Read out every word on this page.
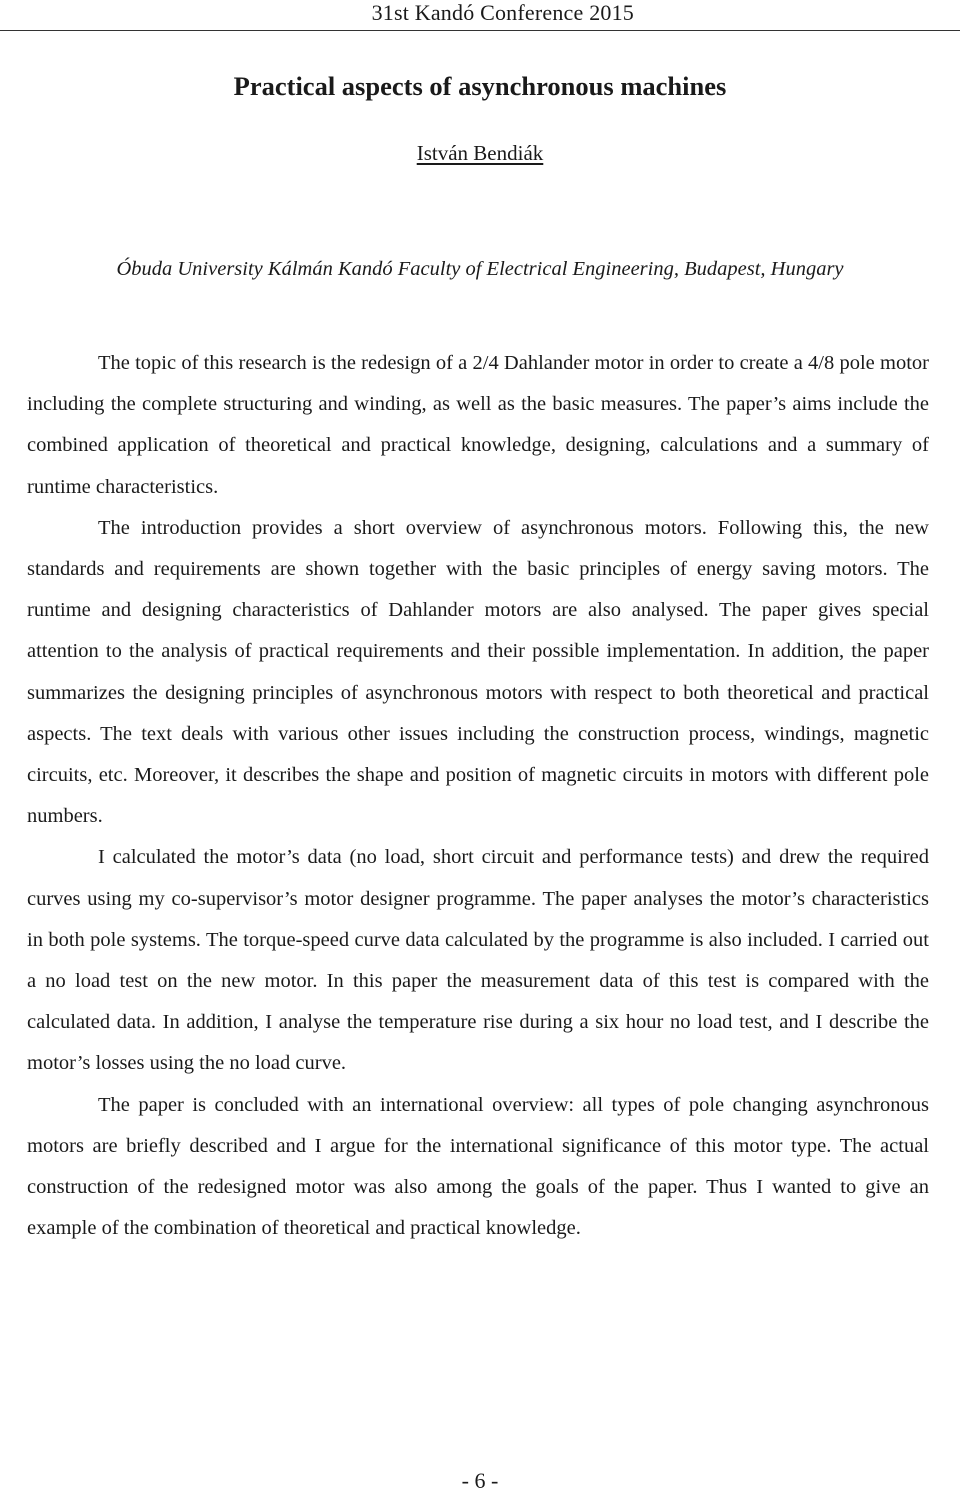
31st Kandó Conference 2015
Practical aspects of asynchronous machines
István Bendiák
Óbuda University Kálmán Kandó Faculty of Electrical Engineering, Budapest, Hungary

The topic of this research is the redesign of a 2/4 Dahlander motor in order to create a 4/8 pole motor including the complete structuring and winding, as well as the basic measures. The paper’s aims include the combined application of theoretical and practical knowledge, designing, calculations and a summary of runtime characteristics.

The introduction provides a short overview of asynchronous motors. Following this, the new standards and requirements are shown together with the basic principles of energy saving motors. The runtime and designing characteristics of Dahlander motors are also analysed. The paper gives special attention to the analysis of practical requirements and their possible implementation. In addition, the paper summarizes the designing principles of asynchronous motors with respect to both theoretical and practical aspects. The text deals with various other issues including the construction process, windings, magnetic circuits, etc. Moreover, it describes the shape and position of magnetic circuits in motors with different pole numbers.

I calculated the motor’s data (no load, short circuit and performance tests) and drew the required curves using my co-supervisor’s motor designer programme. The paper analyses the motor’s characteristics in both pole systems. The torque-speed curve data calculated by the programme is also included. I carried out a no load test on the new motor. In this paper the measurement data of this test is compared with the calculated data. In addition, I analyse the temperature rise during a six hour no load test, and I describe the motor’s losses using the no load curve.

The paper is concluded with an international overview: all types of pole changing asynchronous motors are briefly described and I argue for the international significance of this motor type. The actual construction of the redesigned motor was also among the goals of the paper. Thus I wanted to give an example of the combination of theoretical and practical knowledge.

- 6 -
